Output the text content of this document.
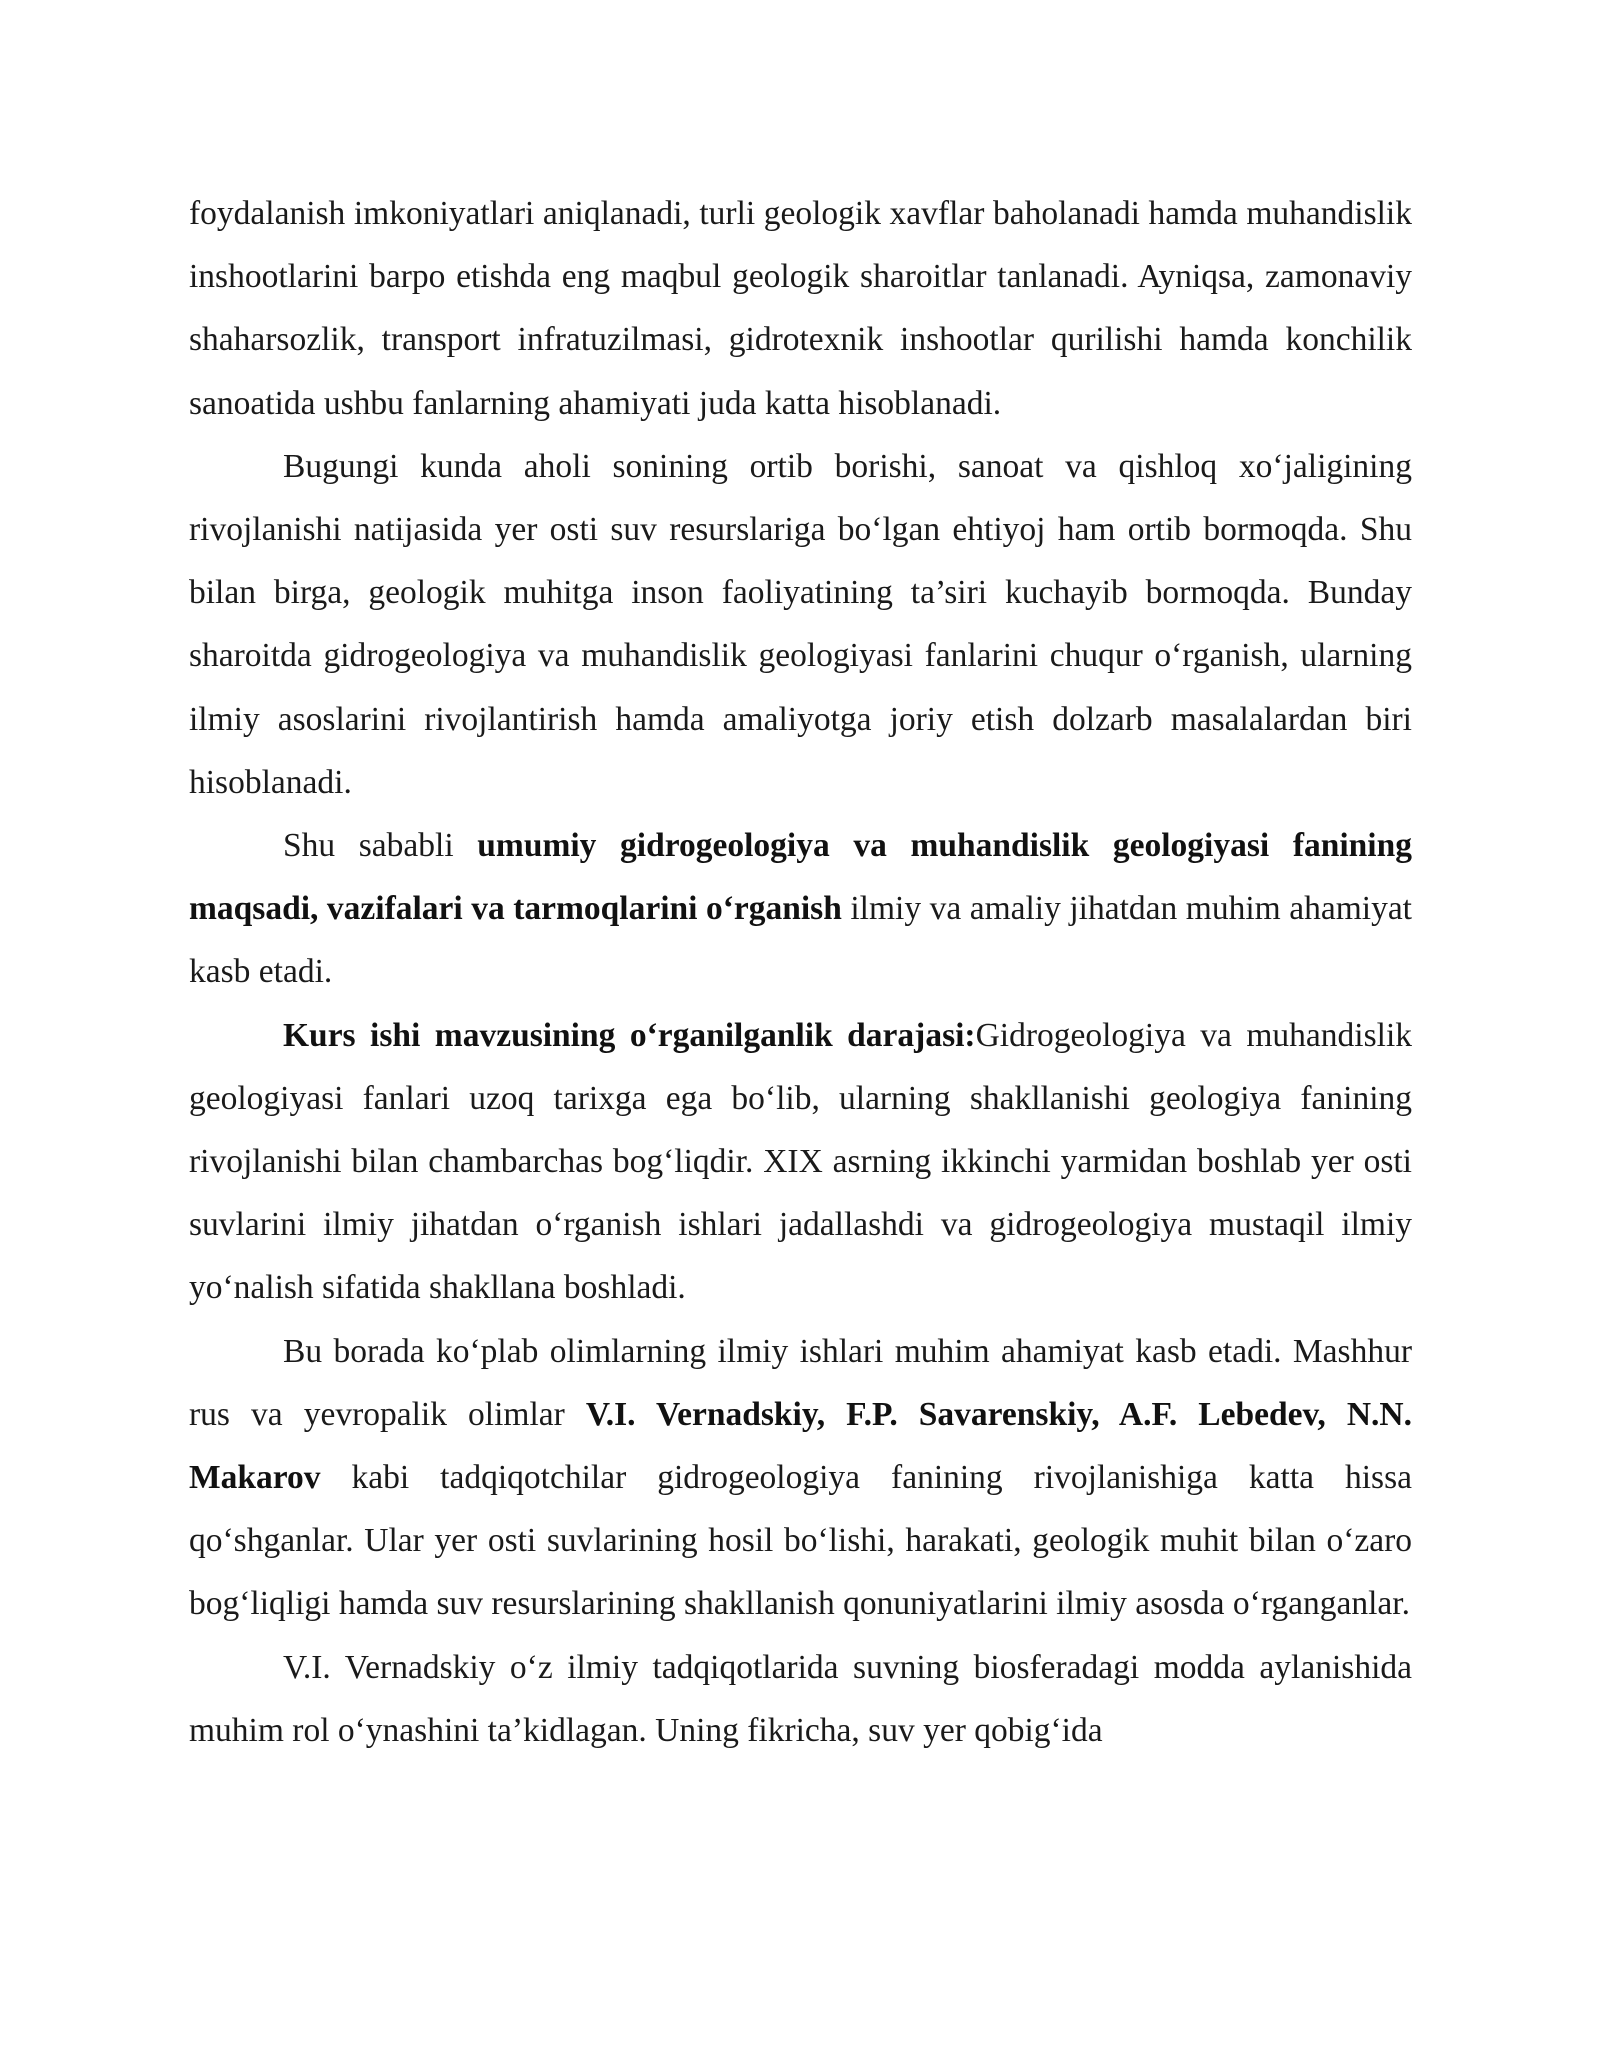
foydalanish imkoniyatlari aniqlanadi, turli geologik xavflar baholanadi hamda muhandislik inshootlarini barpo etishda eng maqbul geologik sharoitlar tanlanadi. Ayniqsa, zamonaviy shaharsozlik, transport infratuzilmasi, gidrotexnik inshootlar qurilishi hamda konchilik sanoatida ushbu fanlarning ahamiyati juda katta hisoblanadi.

Bugungi kunda aholi sonining ortib borishi, sanoat va qishloq xo‘jaligining rivojlanishi natijasida yer osti suv resurslariga bo‘lgan ehtiyoj ham ortib bormoqda. Shu bilan birga, geologik muhitga inson faoliyatining ta’siri kuchayib bormoqda. Bunday sharoitda gidrogeologiya va muhandislik geologiyasi fanlarini chuqur o‘rganish, ularning ilmiy asoslarini rivojlantirish hamda amaliyotga joriy etish dolzarb masalalardan biri hisoblanadi.

Shu sababli umumiy gidrogeologiya va muhandislik geologiyasi fanining maqsadi, vazifalari va tarmoqlarini o‘rganish ilmiy va amaliy jihatdan muhim ahamiyat kasb etadi.

Kurs ishi mavzusining o‘rganilganlik darajasi:Gidrogeologiya va muhandislik geologiyasi fanlari uzoq tarixga ega bo‘lib, ularning shakllanishi geologiya fanining rivojlanishi bilan chambarchas bog‘liqdir. XIX asrning ikkinchi yarmidan boshlab yer osti suvlarini ilmiy jihatdan o‘rganish ishlari jadallashdi va gidrogeologiya mustaqil ilmiy yo‘nalish sifatida shakllana boshladi.

Bu borada ko‘plab olimlarning ilmiy ishlari muhim ahamiyat kasb etadi. Mashhur rus va yevropalik olimlar V.I. Vernadskiy, F.P. Savarenskiy, A.F. Lebedev, N.N. Makarov kabi tadqiqotchilar gidrogeologiya fanining rivojlanishiga katta hissa qo‘shganlar. Ular yer osti suvlarining hosil bo‘lishi, harakati, geologik muhit bilan o‘zaro bog‘liqligi hamda suv resurslarining shakllanish qonuniyatlarini ilmiy asosda o‘rganganlar.

V.I. Vernadskiy o‘z ilmiy tadqiqotlarida suvning biosferadagi modda aylanishida muhim rol o‘ynashini ta’kidlagan. Uning fikricha, suv yer qobig‘ida
